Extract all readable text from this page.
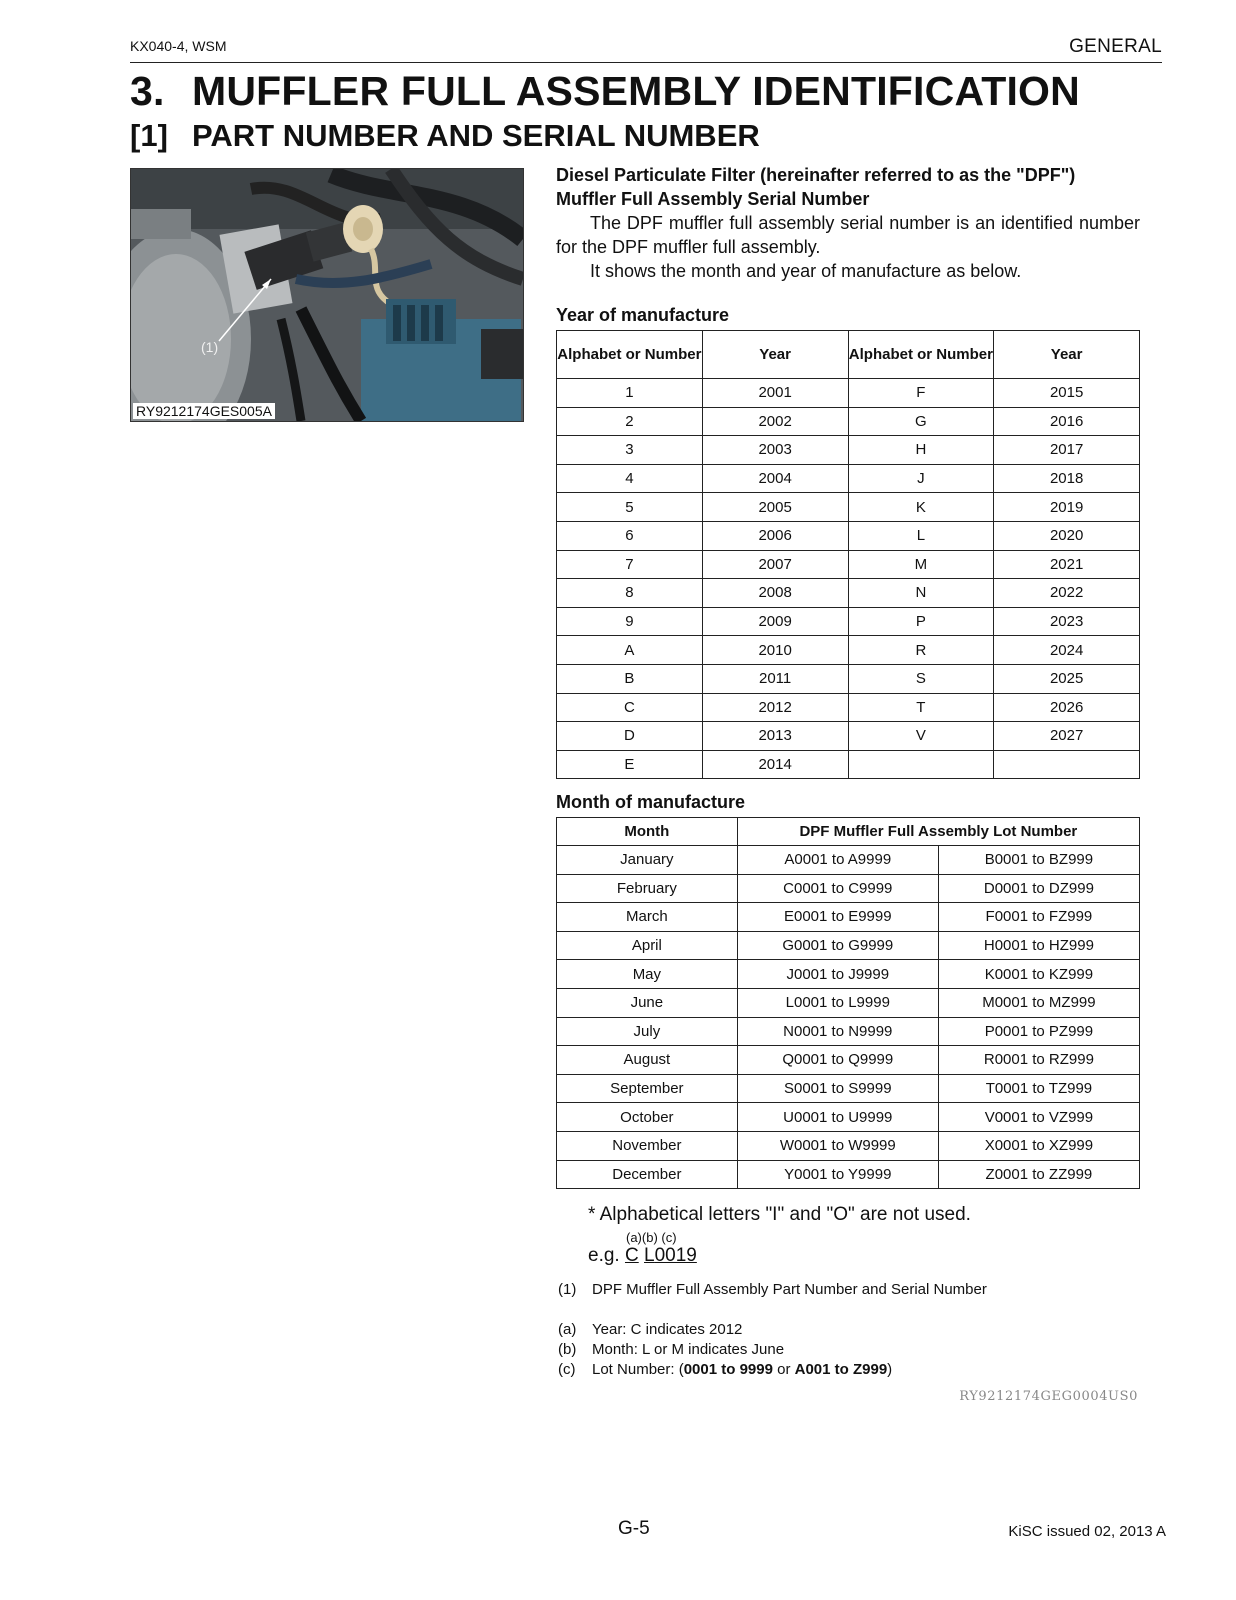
KX040-4, WSM	GENERAL
3. MUFFLER FULL ASSEMBLY IDENTIFICATION
[1] PART NUMBER AND SERIAL NUMBER
(1)
RY9212174GES005A

Diesel Particulate Filter (hereinafter referred to as the "DPF")

Muffler Full Assembly Serial Number

The DPF muffler full assembly serial number is an identified number for the DPF muffler full assembly.

It shows the month and year of manufacture as below.

Year of manufacture

Alphabet or Number	Year	Alphabet or Number	Year
1	2001	F	2015
2	2002	G	2016
3	2003	H	2017
4	2004	J	2018
5	2005	K	2019
6	2006	L	2020
7	2007	M	2021
8	2008	N	2022
9	2009	P	2023
A	2010	R	2024
B	2011	S	2025
C	2012	T	2026
D	2013	V	2027
E	2014		

Month of manufacture

Month	DPF Muffler Full Assembly Lot Number	
January	A0001 to A9999	B0001 to BZ999
February	C0001 to C9999	D0001 to DZ999
March	E0001 to E9999	F0001 to FZ999
April	G0001 to G9999	H0001 to HZ999
May	J0001 to J9999	K0001 to KZ999
June	L0001 to L9999	M0001 to MZ999
July	N0001 to N9999	P0001 to PZ999
August	Q0001 to Q9999	R0001 to RZ999
September	S0001 to S9999	T0001 to TZ999
October	U0001 to U9999	V0001 to VZ999
November	W0001 to W9999	X0001 to XZ999
December	Y0001 to Y9999	Z0001 to ZZ999
* Alphabetical letters "I" and "O" are not used.
(a)(b) (c)
e.g. C L0019
(1) DPF Muffler Full Assembly Part Number and Serial Number
(a) Year: C indicates 2012
(b) Month: L or M indicates June
(c) Lot Number: (0001 to 9999 or A001 to Z999)
RY9212174GEG0004US0
G-5	KiSC issued 02, 2013 A
